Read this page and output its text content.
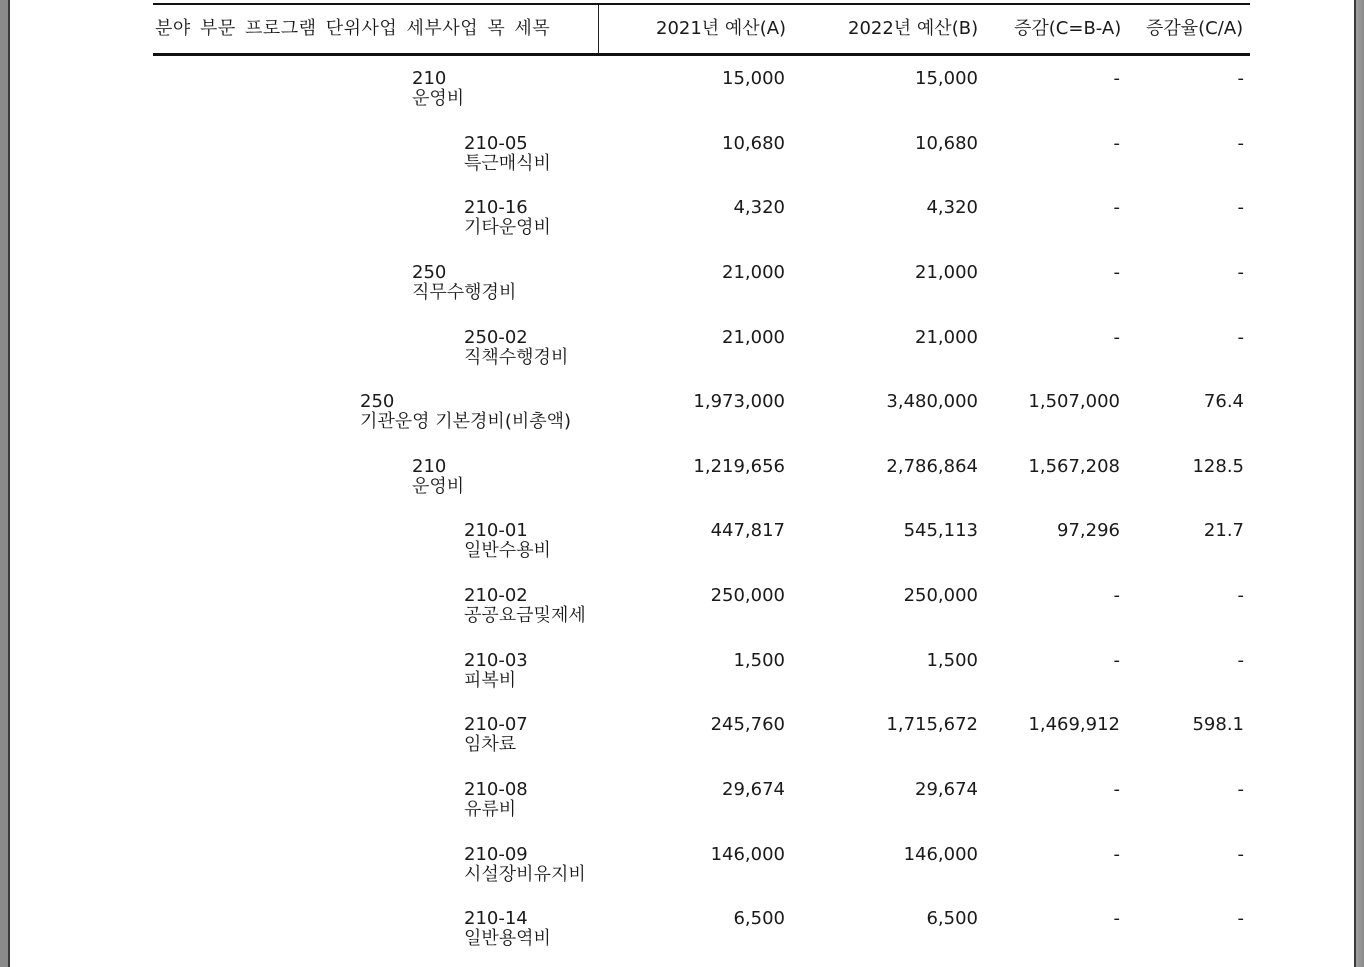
분야 부문 프로그램 단위사업 세부사업 목 세목	2021년 예산(A)	2022년 예산(B) 증감(C=B-A) 증감율(C/A)
210
운영비
15,000	15,000	-	-
210-05
특근매식비
10,680	10,680	-	-
210-16
기타운영비
4,320	4,320	-	-
250
직무수행경비
21,000	21,000	-	-
250-02
직책수행경비
21,000	21,000	-	-
250
기관운영 기본경비(비총액)
1,973,000	3,480,000	1,507,000	76.4
210
운영비
1,219,656	2,786,864	1,567,208	128.5
210-01
일반수용비
447,817	545,113	97,296	21.7
210-02
공공요금및제세
250,000	250,000	-	-
210-03
피복비
1,500	1,500	-	-
210-07
임차료
245,760	1,715,672	1,469,912	598.1
210-08
유류비
29,674	29,674	-	-
210-09
시설장비유지비
146,000	146,000	-	-
210-14
일반용역비
6,500	6,500	-	-
